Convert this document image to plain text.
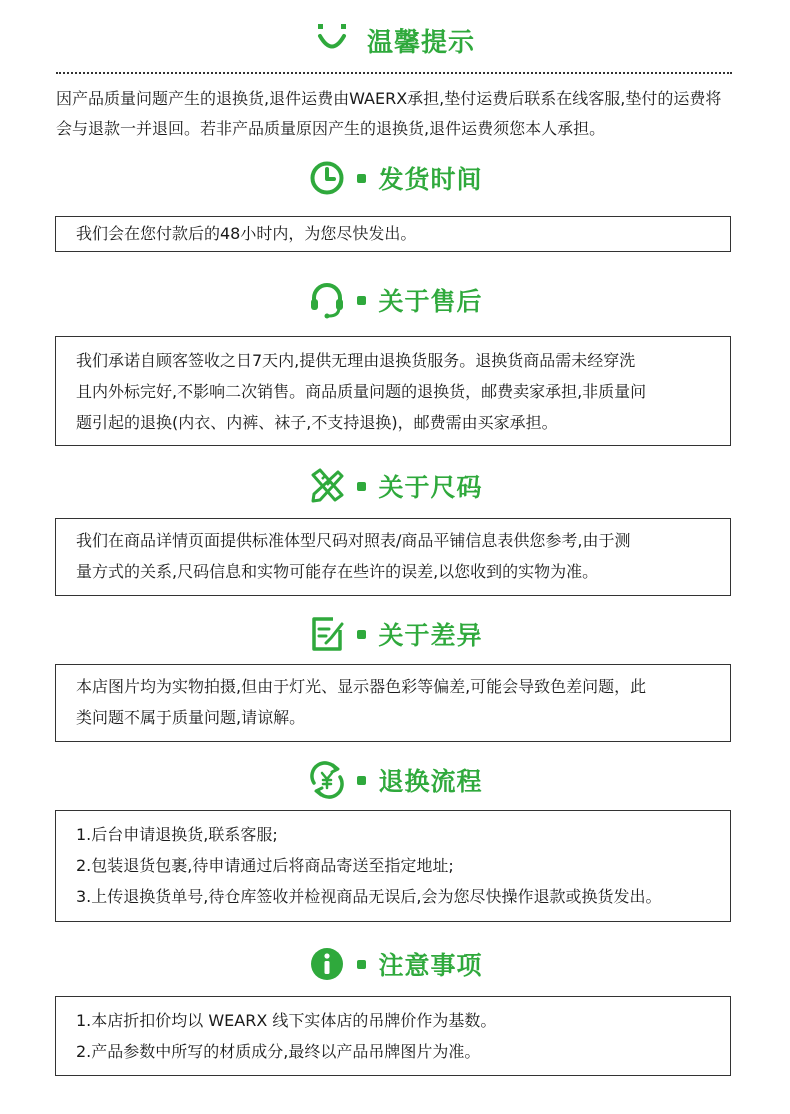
温馨提示
因产品质量问题产生的退换货,退件运费由WAERX承担,垫付运费后联系在线客服,垫付的运费将会与退款一并退回。若非产品质量原因产生的退换货,退件运费须您本人承担。
发货时间
我们会在您付款后的48小时内，为您尽快发出。
关于售后
我们承诺自顾客签收之日7天内,提供无理由退换货服务。退换货商品需未经穿洗
且内外标完好,不影响二次销售。商品质量问题的退换货，邮费卖家承担,非质量问
题引起的退换(内衣、内裤、袜子,不支持退换)，邮费需由买家承担。
关于尺码
我们在商品详情页面提供标准体型尺码对照表/商品平铺信息表供您参考,由于测
量方式的关系,尺码信息和实物可能存在些许的误差,以您收到的实物为准。
关于差异
本店图片均为实物拍摄,但由于灯光、显示器色彩等偏差,可能会导致色差问题，此
类问题不属于质量问题,请谅解。
退换流程
1.后台申请退换货,联系客服;
2.包装退货包裹,待申请通过后将商品寄送至指定地址;
3.上传退换货单号,待仓库签收并检视商品无误后,会为您尽快操作退款或换货发出。
注意事项
1.本店折扣价均以 WEARX 线下实体店的吊牌价作为基数。
2.产品参数中所写的材质成分,最终以产品吊牌图片为准。
